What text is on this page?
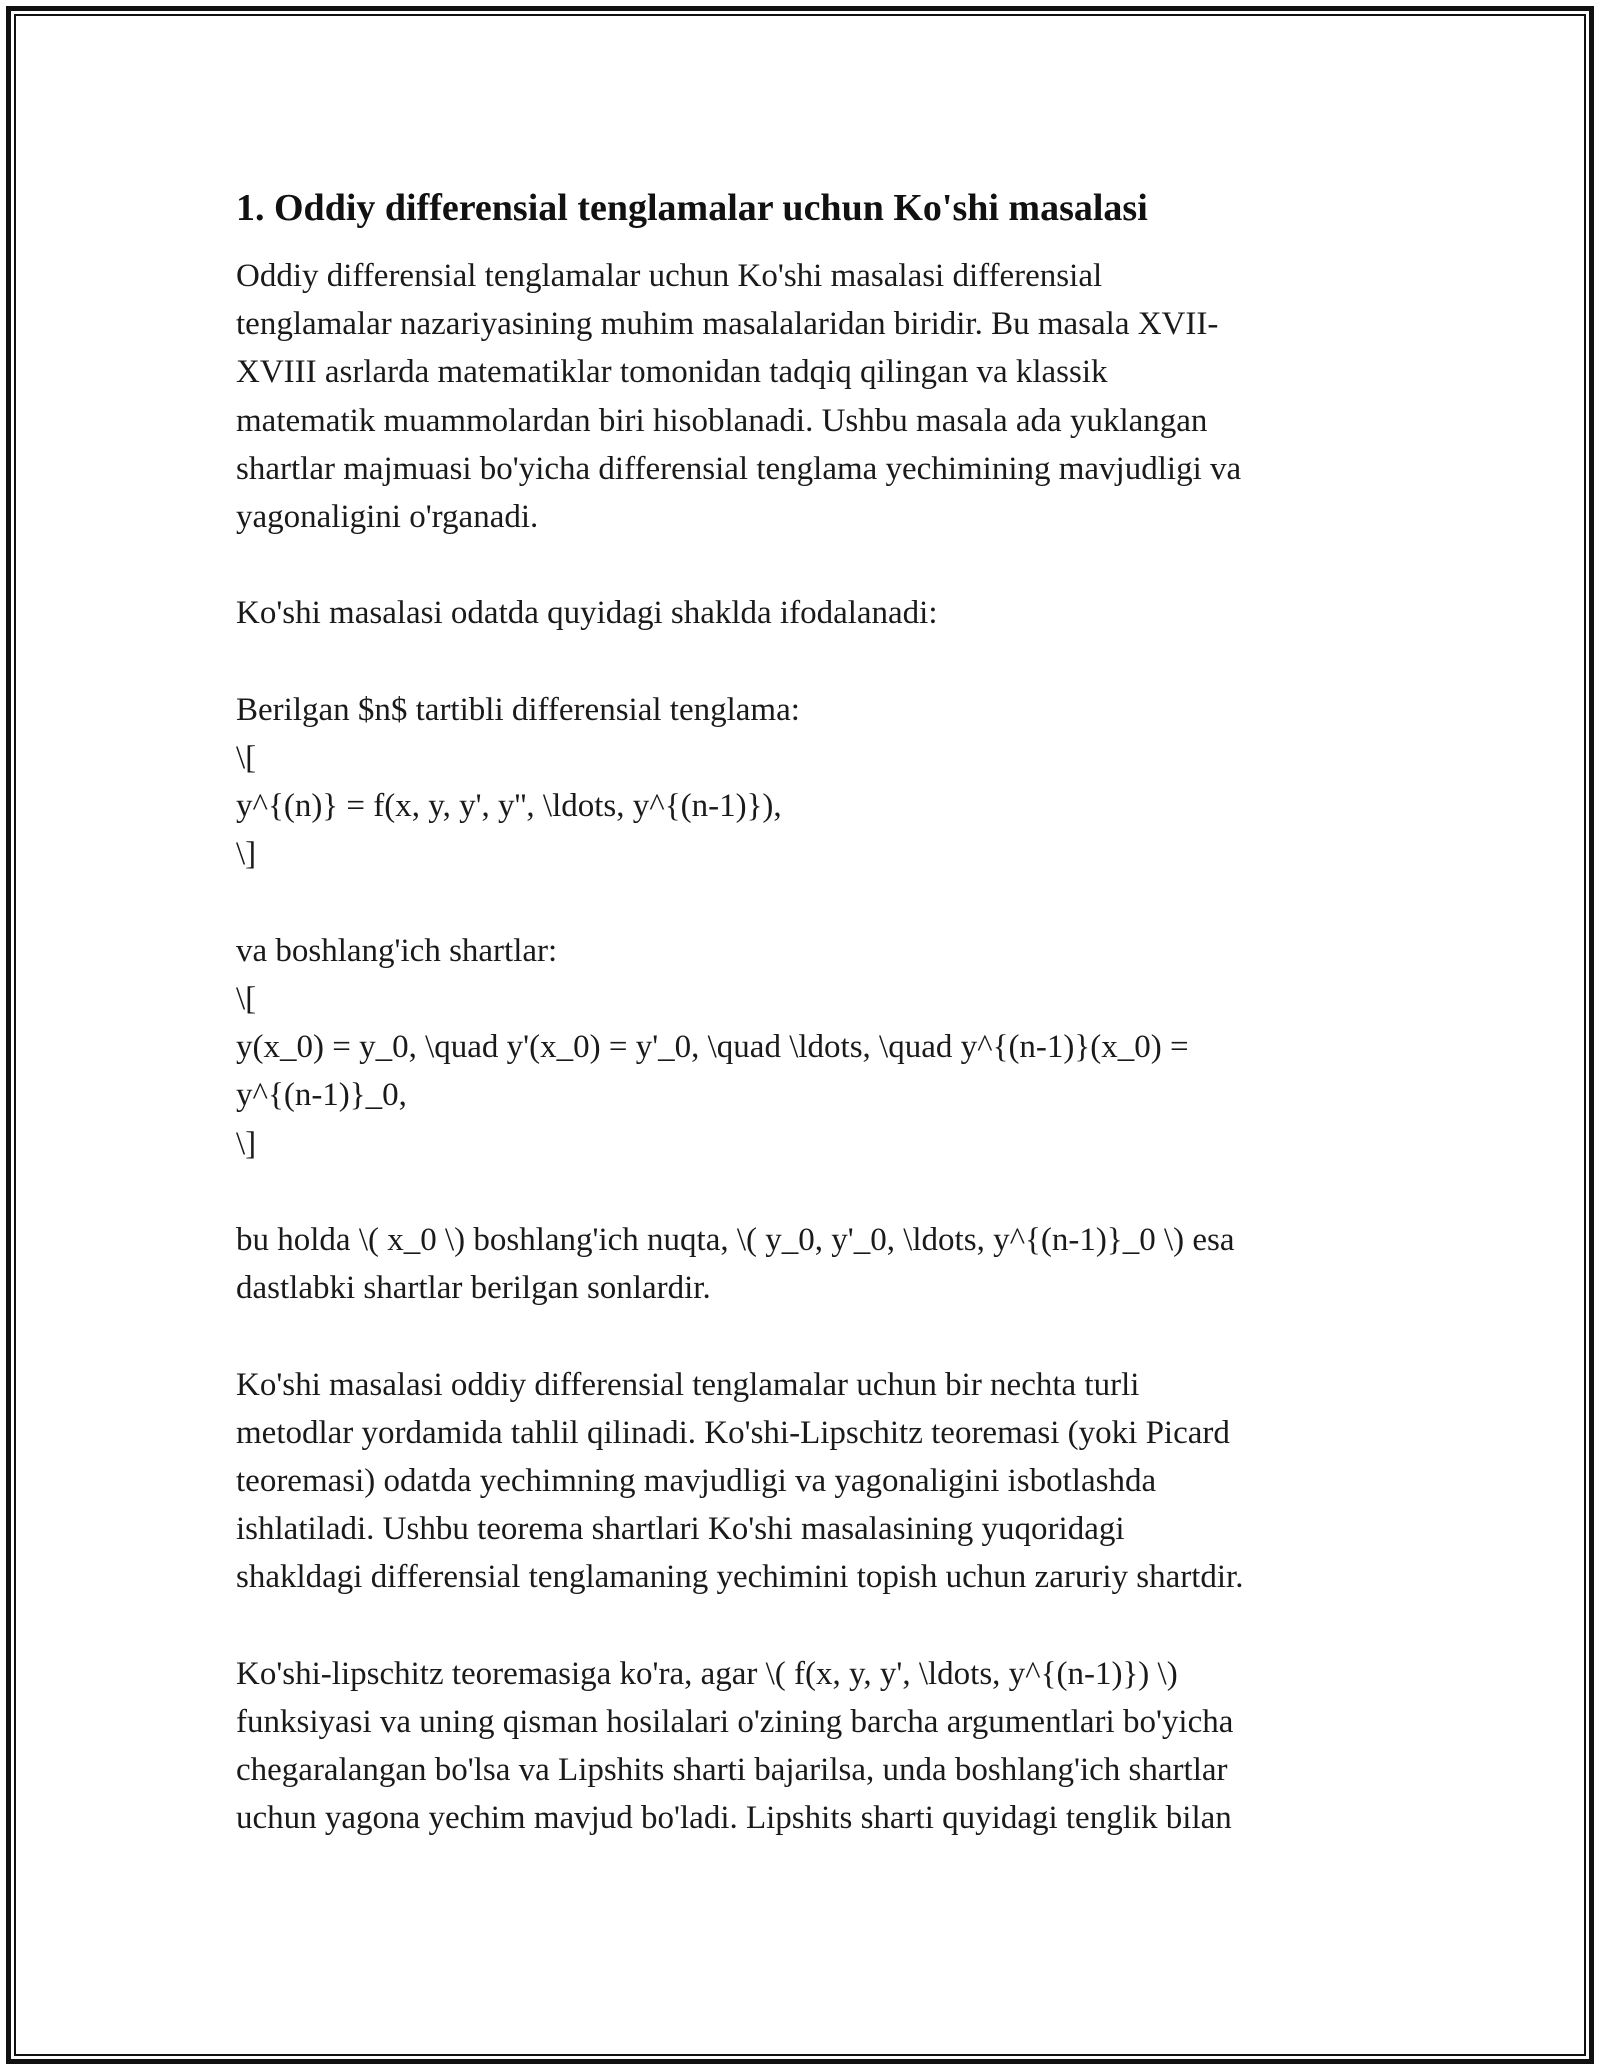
1. Oddiy differensial tenglamalar uchun Ko'shi masalasi
Oddiy differensial tenglamalar uchun Ko'shi masalasi differensial
tenglamalar nazariyasining muhim masalalaridan biridir. Bu masala XVII-
XVIII asrlarda matematiklar tomonidan tadqiq qilingan va klassik
matematik muammolardan biri hisoblanadi. Ushbu masala ada yuklangan
shartlar majmuasi bo'yicha differensial tenglama yechimining mavjudligi va
yagonaligini o'rganadi.
Ko'shi masalasi odatda quyidagi shaklda ifodalanadi:
Berilgan $n$ tartibli differensial tenglama:
\[
y^{(n)} = f(x, y, y', y'', \ldots, y^{(n-1)}),
\]
va boshlang'ich shartlar:
\[
y(x_0) = y_0, \quad y'(x_0) = y'_0, \quad \ldots, \quad y^{(n-1)}(x_0) =
y^{(n-1)}_0,
\]
bu holda \( x_0 \) boshlang'ich nuqta, \( y_0, y'_0, \ldots, y^{(n-1)}_0 \) esa
dastlabki shartlar berilgan sonlardir.
Ko'shi masalasi oddiy differensial tenglamalar uchun bir nechta turli
metodlar yordamida tahlil qilinadi. Ko'shi-Lipschitz teoremasi (yoki Picard
teoremasi) odatda yechimning mavjudligi va yagonaligini isbotlashda
ishlatiladi. Ushbu teorema shartlari Ko'shi masalasining yuqoridagi
shakldagi differensial tenglamaning yechimini topish uchun zaruriy shartdir.
Ko'shi-lipschitz teoremasiga ko'ra, agar \( f(x, y, y', \ldots, y^{(n-1)}) \)
funksiyasi va uning qisman hosilalari o'zining barcha argumentlari bo'yicha
chegaralangan bo'lsa va Lipshits sharti bajarilsa, unda boshlang'ich shartlar
uchun yagona yechim mavjud bo'ladi. Lipshits sharti quyidagi tenglik bilan
